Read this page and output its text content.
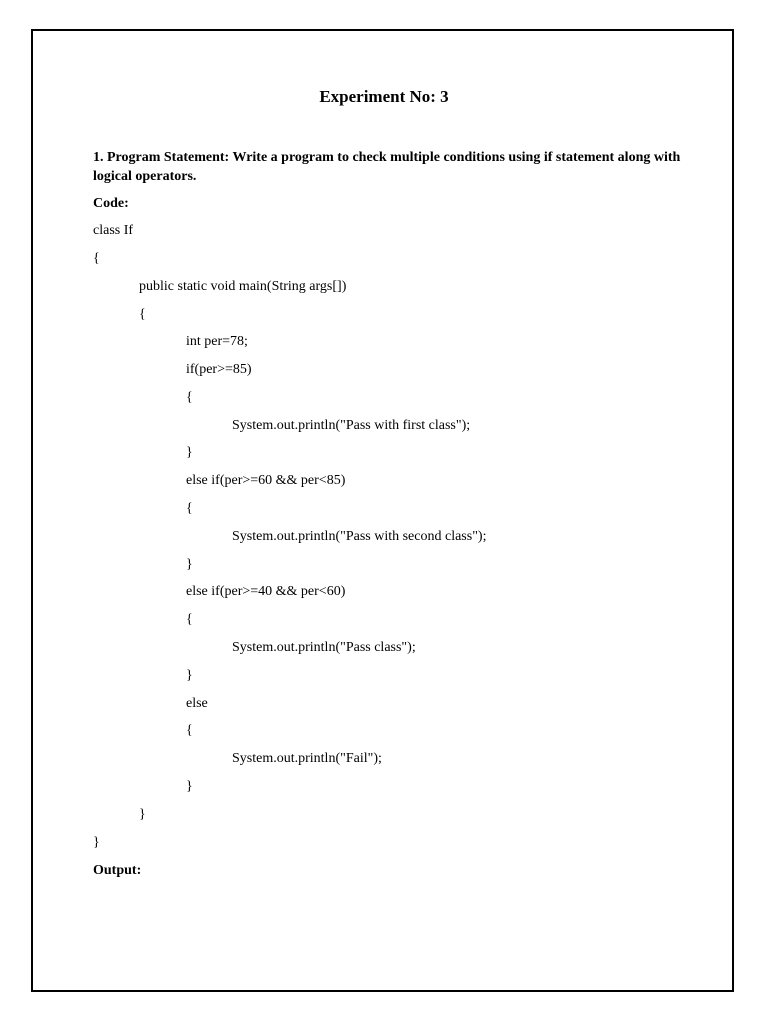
Experiment No: 3
1. Program Statement: Write a program to check multiple conditions using if statement along with logical operators.
Code:
class If
{
public static void main(String args[])
{
int per=78;
if(per>=85)
{
System.out.println("Pass with first class");
}
else if(per>=60 && per<85)
{
System.out.println("Pass with second class");
}
else if(per>=40 && per<60)
{
System.out.println("Pass class");
}
else
{
System.out.println("Fail");
}
}
}
Output:
